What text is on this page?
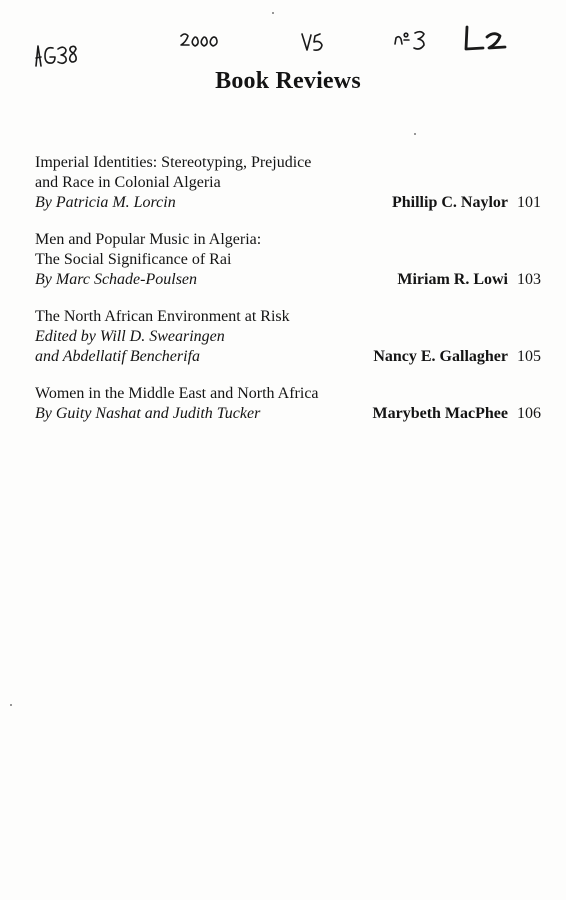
Book Reviews
Imperial Identities: Stereotyping, Prejudice
and Race in Colonial Algeria
By Patricia M. Lorcin	Phillip C. Naylor 101
Men and Popular Music in Algeria:
The Social Significance of Rai
By Marc Schade-Poulsen	Miriam R. Lowi 103
The North African Environment at Risk
Edited by Will D. Swearingen
and Abdellatif Bencherifa	Nancy E. Gallagher 105
Women in the Middle East and North Africa
By Guity Nashat and Judith Tucker	Marybeth MacPhee 106
